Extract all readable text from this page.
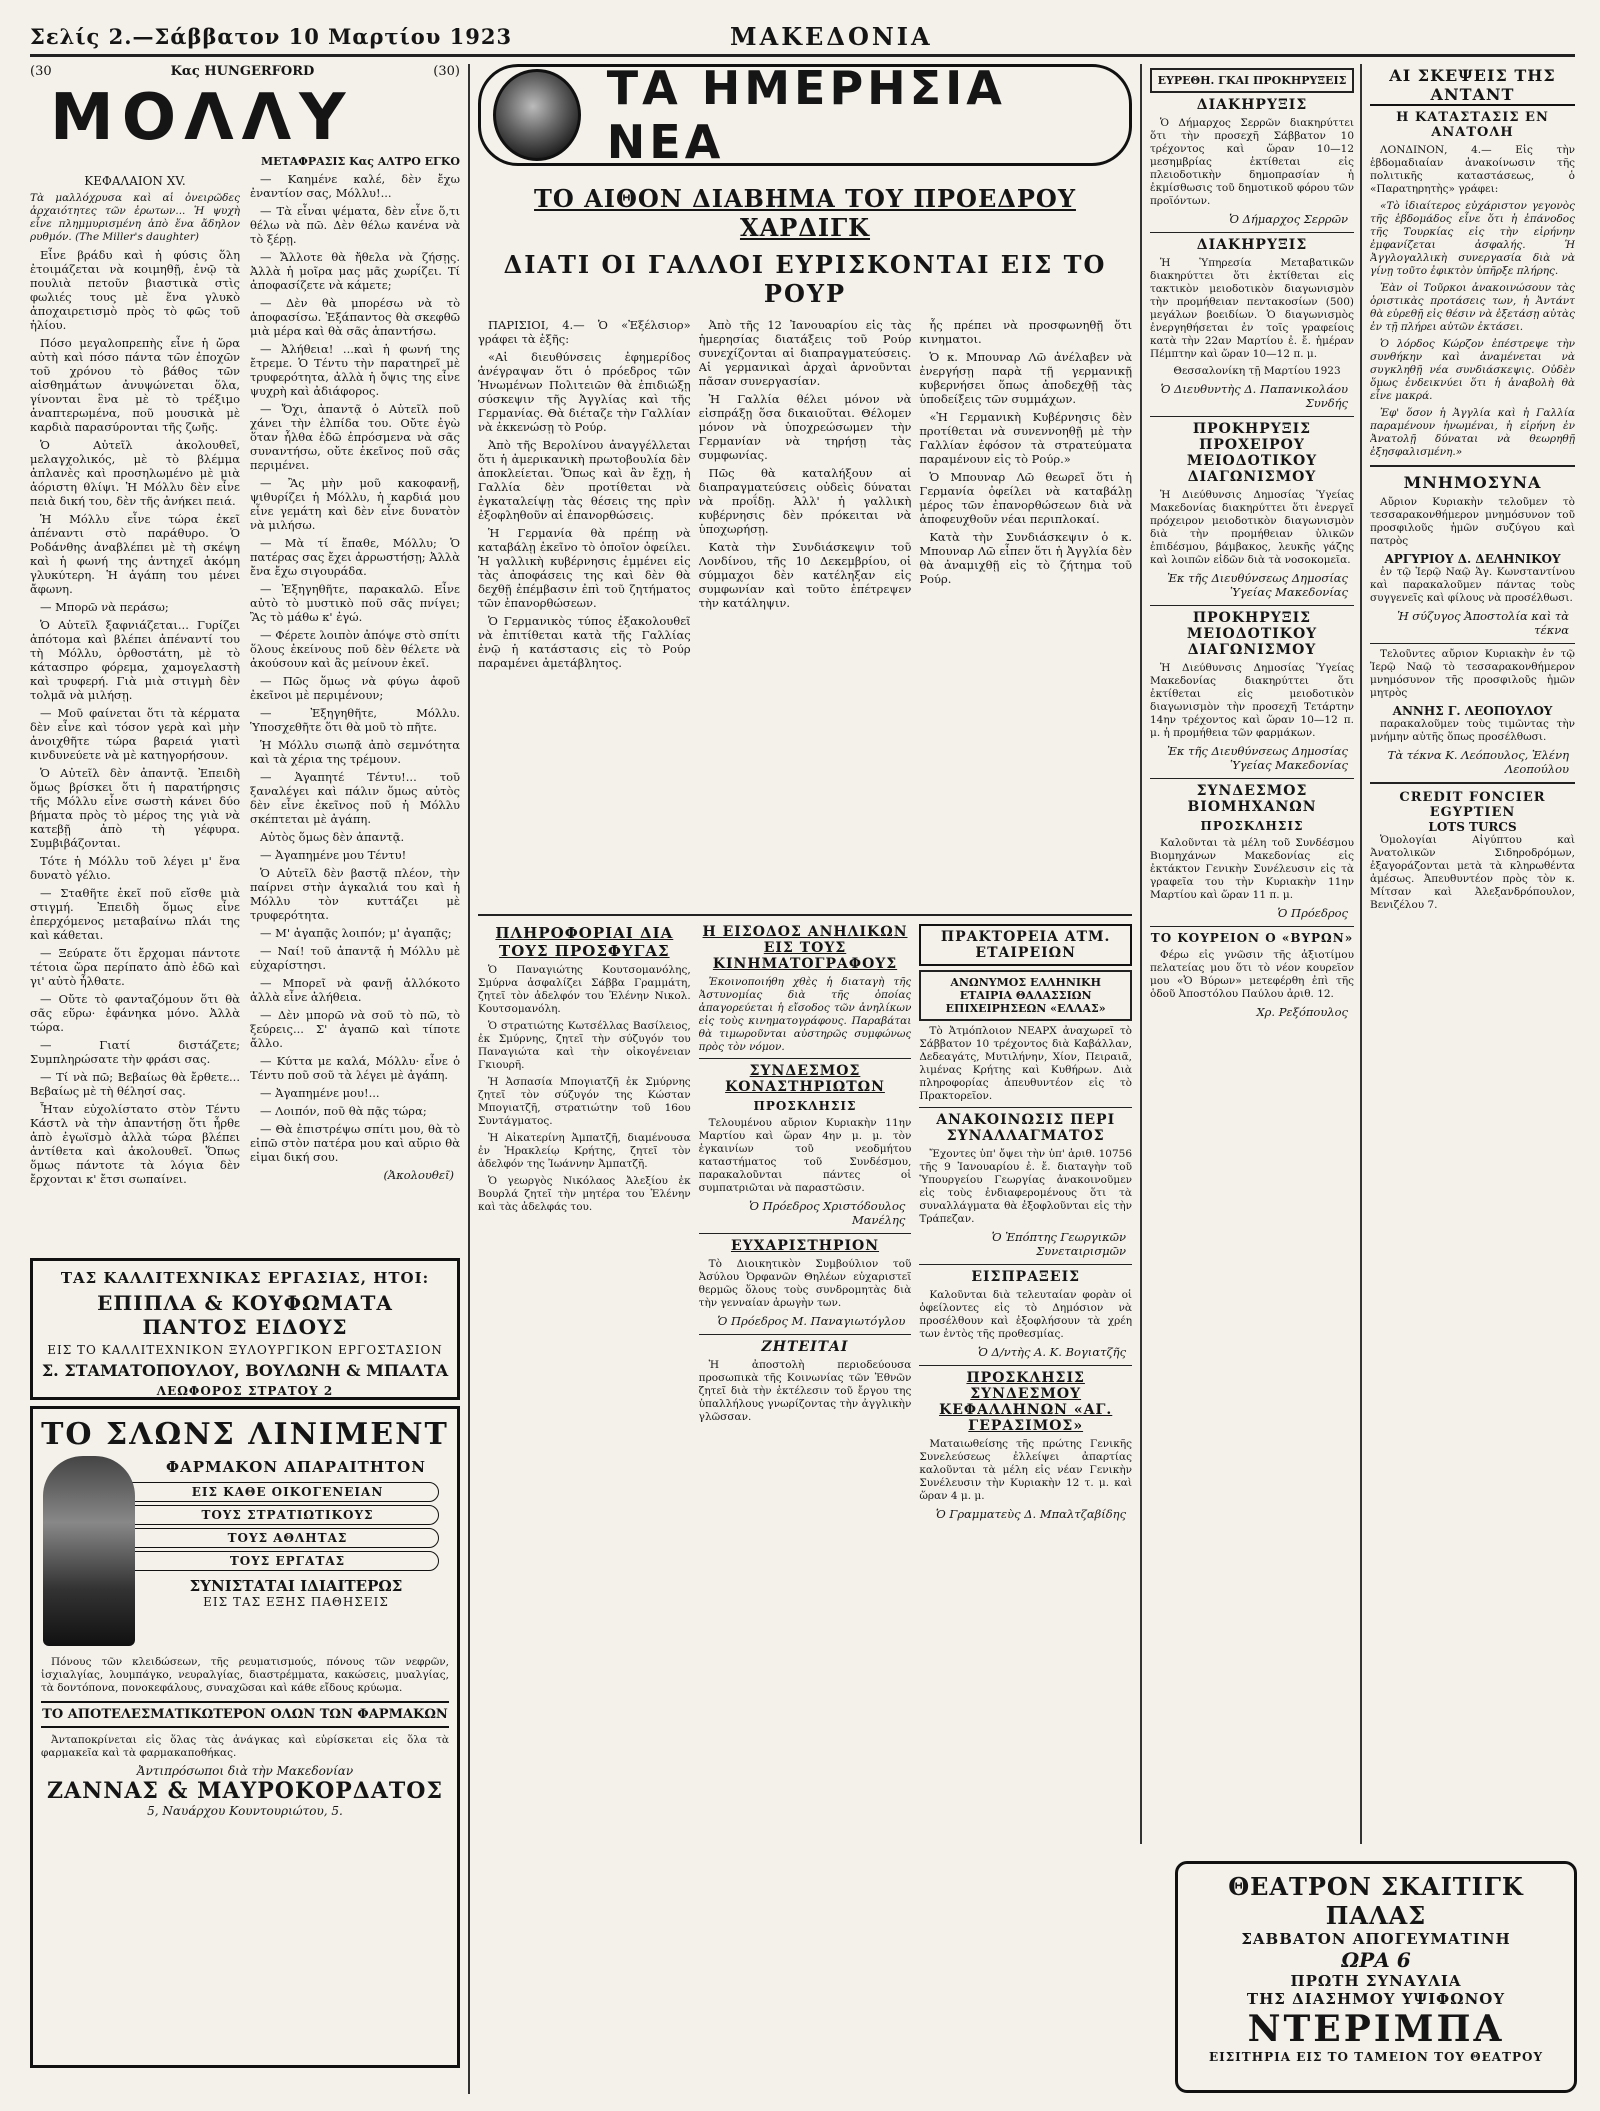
Σελίς 2.—Σάββατον 10 Μαρτίου 1923	ΜΑΚΕΔΟΝΙΑ
(30	Κας HUNGERFORD	(30)
ΜΟΛΛΥ
ΜΕΤΑΦΡΑΣΙΣ Κας ΑΛΤΡΟ ΕΓΚΟ
ΚΕΦΑΛΑΙΟΝ XV.
Τὰ μαλλόχρυσα καὶ αἱ ὀνειρῶδες ἀρχαιότητες τῶν ἐρωτων... Ἡ ψυχὴ εἶνε πλημμυρισμένη ἀπὸ ἕνα ἄδηλον ρυθμόν. (The Miller's daughter)

Εἶνε βράδυ καὶ ἡ φύσις ὅλη ἐτοιμάζεται νὰ κοιμηθῇ, ἐνῷ τὰ πουλιὰ πετοῦν βιαστικὰ στὶς φωλιές τους μὲ ἕνα γλυκὸ ἀποχαιρετισμὸ πρὸς τὸ φῶς τοῦ ἡλίου.

Πόσο μεγαλοπρεπὴς εἶνε ἡ ὥρα αὐτὴ καὶ πόσο πάντα τῶν ἐποχῶν τοῦ χρόνου τὸ βάθος τῶν αἰσθημάτων ἀνυψώνεται ὅλα, γίνονται ἓνα μὲ τὸ τρέξιμο ἀναπτερωμένα, ποῦ μουσικὰ μὲ καρδιὰ παρασύρονται τῆς ζωῆς.

Ὁ Αὐτεῖλ ἀκολουθεῖ, μελαγχολικός, μὲ τὸ βλέμμα ἀπλανὲς καὶ προσηλωμένο μὲ μιὰ ἀόριστη θλίψι. Ἡ Μόλλυ δὲν εἶνε πειὰ δική του, δὲν τῆς ἀνήκει πειά.

Ἡ Μόλλυ εἶνε τώρα ἐκεῖ ἀπέναντι στὸ παράθυρο. Ὁ Ροδάνθης ἀναβλέπει μὲ τὴ σκέψη καὶ ἡ φωνή της ἀντηχεῖ ἀκόμη γλυκύτερη. Ἡ ἀγάπη του μένει ἄφωνη.

— Μπορῶ νὰ περάσω;

Ὁ Αὐτεῖλ ξαφνιάζεται... Γυρίζει ἀπότομα καὶ βλέπει ἀπέναντί του τὴ Μόλλυ, ὁρθοστάτη, μὲ τὸ κάτασπρο φόρεμα, χαμογελαστὴ καὶ τρυφερή. Γιὰ μιὰ στιγμὴ δὲν τολμᾶ νὰ μιλήσῃ.

— Μοῦ φαίνεται ὅτι τὰ κέρματα δὲν εἶνε καὶ τόσον γερὰ καὶ μὴν ἀνοιχθῆτε τώρα βαρειά γιατὶ κινδυνεύετε νὰ μὲ κατηγορήσουν.

Ὁ Αὐτεῖλ δὲν ἀπαντᾷ. Ἐπειδὴ ὅμως βρίσκει ὅτι ἡ παρατήρησις τῆς Μόλλυ εἶνε σωστὴ κάνει δύο βήματα πρὸς τὸ μέρος της γιὰ νὰ κατεβῇ ἀπὸ τὴ γέφυρα. Συμβιβάζονται.

Τότε ἡ Μόλλυ τοῦ λέγει μ' ἕνα δυνατὸ γέλιο.

— Σταθῆτε ἐκεῖ ποῦ εἴσθε μιὰ στιγμή. Ἐπειδὴ ὅμως εἶνε ἐπερχόμενος μεταβαίνω πλάι της καὶ κάθεται.

— Ξεύρατε ὅτι ἔρχομαι πάντοτε τέτοια ὥρα περίπατο ἀπὸ ἐδῶ καὶ γι' αὐτὸ ἦλθατε.

— Οὔτε τὸ φανταζόμουν ὅτι θὰ σᾶς εὕρω· ἐφάνηκα μόνο. Ἀλλὰ τώρα.

— Γιατί διστάζετε; Συμπληρώσατε τὴν φράσι σας.

— Τί νὰ πῶ; Βεβαίως θὰ ἔρθετε... Βεβαίως μὲ τὴ θέλησί σας.

Ἦταν εὐχολίστατο στὸν Τέντυ Κάστλ νὰ τὴν ἀπαντήσῃ ὅτι ἦρθε ἀπὸ ἐγωϊσμὸ ἀλλὰ τώρα βλέπει ἀντίθετα καὶ ἀκολουθεῖ. Ὅπως ὅμως πάντοτε τὰ λόγια δὲν ἔρχονται κ' ἔτσι σωπαίνει.

— Καημένε καλέ, δὲν ἔχω ἐναντίον σας, Μόλλυ!...

— Τὰ εἶναι ψέματα, δὲν εἶνε ὅ,τι θέλω νὰ πῶ. Δὲν θέλω κανένα νὰ τὸ ξέρῃ.

— Ἄλλοτε θὰ ἤθελα νὰ ζήσῃς. Ἀλλὰ ἡ μοῖρα μας μᾶς χωρίζει. Τί ἀποφασίζετε νὰ κάμετε;

— Δὲν θὰ μπορέσω νὰ τὸ ἀποφασίσω. Ἐξάπαντος θὰ σκεφθῶ μιὰ μέρα καὶ θὰ σᾶς ἀπαντήσω.

— Ἀλήθεια! ...καὶ ἡ φωνή της ἔτρεμε. Ὁ Τέντυ τὴν παρατηρεῖ μὲ τρυφερότητα, ἀλλὰ ἡ ὄψις της εἶνε ψυχρὴ καὶ ἀδιάφορος.

— Ὄχι, ἀπαντᾷ ὁ Αὐτεῖλ ποῦ χάνει τὴν ἐλπίδα του. Οὔτε ἐγὼ ὅταν ἦλθα ἐδῶ ἐπρόσμενα νὰ σᾶς συναντήσω, οὔτε ἐκεῖνος ποῦ σᾶς περιμένει.

— Ἂς μὴν μοῦ κακοφανῇ, ψιθυρίζει ἡ Μόλλυ, ἡ καρδιά μου εἶνε γεμάτη καὶ δὲν εἶνε δυνατὸν νὰ μιλήσω.

— Μὰ τί ἔπαθε, Μόλλυ; Ὁ πατέρας σας ἔχει ἀρρωστήσῃ; Ἀλλὰ ἔνα ἔχω σιγουράδα.

— Ἐξηγηθῆτε, παρακαλῶ. Εἶνε αὐτὸ τὸ μυστικὸ ποῦ σᾶς πνίγει; Ἂς τὸ μάθω κ' ἐγώ.

— Φέρετε λοιπὸν ἀπόψε στὸ σπίτι ὅλους ἐκείνους ποῦ δὲν θέλετε νὰ ἀκούσουν καὶ ἂς μείνουν ἐκεῖ.

— Πῶς ὅμως νὰ φύγω ἀφοῦ ἐκεῖνοι μὲ περιμένουν;

— Ἐξηγηθῆτε, Μόλλυ. Ὑποσχεθῆτε ὅτι θὰ μοῦ τὸ πῆτε.

Ἡ Μόλλυ σιωπᾷ ἀπὸ σεμνότητα καὶ τὰ χέρια της τρέμουν.

— Ἀγαπητέ Τέντυ!... τοῦ ξαναλέγει καὶ πάλιν ὅμως αὐτὸς δὲν εἶνε ἐκεῖνος ποῦ ἡ Μόλλυ σκέπτεται μὲ ἀγάπη.

Αὐτὸς ὅμως δὲν ἀπαντᾷ.

— Ἀγαπημένε μου Τέντυ!

Ὁ Αὐτεῖλ δὲν βαστᾷ πλέον, τὴν παίρνει στὴν ἀγκαλιά του καὶ ἡ Μόλλυ τὸν κυττάζει μὲ τρυφερότητα.

— Μ' ἀγαπᾷς λοιπόν; μ' ἀγαπᾷς;

— Ναί! τοῦ ἀπαντᾷ ἡ Μόλλυ μὲ εὐχαρίστησι.

— Μπορεῖ νὰ φανῇ ἀλλόκοτο ἀλλὰ εἶνε ἀλήθεια.

— Δὲν μπορῶ νὰ σοῦ τὸ πῶ, τὸ ξεύρεις... Σ' ἀγαπῶ καὶ τίποτε ἄλλο.

— Κύττα με καλά, Μόλλυ· εἶνε ὁ Τέντυ ποῦ σοῦ τὰ λέγει μὲ ἀγάπη.

— Ἀγαπημένε μου!...

— Λοιπόν, ποῦ θὰ πᾷς τώρα;

— Θὰ ἐπιστρέψω σπίτι μου, θὰ τὸ εἰπῶ στὸν πατέρα μου καὶ αὔριο θὰ εἰμαι δική σου.

(Ἀκολουθεῖ)
ΤΑΣ ΚΑΛΛΙΤΕΧΝΙΚΑΣ ΕΡΓΑΣΙΑΣ, ΗΤΟΙ:
ΕΠΙΠΛΑ & ΚΟΥΦΩΜΑΤΑ ΠΑΝΤΟΣ ΕΙΔΟΥΣ
ΕΙΣ ΤΟ ΚΑΛΛΙΤΕΧΝΙΚΟΝ ΞΥΛΟΥΡΓΙΚΟΝ ΕΡΓΟΣΤΑΣΙΟΝ
Σ. ΣΤΑΜΑΤΟΠΟΥΛΟΥ, ΒΟΥΛΩΝΗ & ΜΠΑΛΤΑ
ΛΕΩΦΟΡΟΣ ΣΤΡΑΤΟΥ 2
ΤΟ ΣΛΩΝΣ ΛΙΝΙΜΕΝΤ
ΦΑΡΜΑΚΟΝ ΑΠΑΡΑΙΤΗΤΟΝ
ΕΙΣ ΚΑΘΕ ΟΙΚΟΓΕΝΕΙΑΝ
ΤΟΥΣ ΣΤΡΑΤΙΩΤΙΚΟΥΣ
ΤΟΥΣ ΑΘΛΗΤΑΣ
ΤΟΥΣ ΕΡΓΑΤΑΣ
ΣΥΝΙΣΤΑΤΑΙ ΙΔΙΑΙΤΕΡΩΣ
ΕΙΣ ΤΑΣ ΕΞΗΣ ΠΑΘΗΣΕΙΣ
Πόνους τῶν κλειδώσεων, τῆς ρευματισμούς, πόνους τῶν νεφρῶν, ἰσχιαλγίας, λουμπάγκο, νευραλγίας, διαστρέμματα, κακώσεις, μυαλγίας, τὰ δοντόπονα, πονοκεφάλους, συναχῶσαι καὶ κάθε εἴδους κρύωμα.
ΤΟ ΑΠΟΤΕΛΕΣΜΑΤΙΚΩΤΕΡΟΝ ΟΛΩΝ ΤΩΝ ΦΑΡΜΑΚΩΝ
Ἀνταποκρίνεται εἰς ὅλας τὰς ἀνάγκας καὶ εὑρίσκεται εἰς ὅλα τὰ φαρμακεῖα καὶ τὰ φαρμακαποθήκας.
Ἀντιπρόσωποι διὰ τὴν Μακεδονίαν
ΖΑΝΝΑΣ & ΜΑΥΡΟΚΟΡΔΑΤΟΣ
5, Ναυάρχου Κουντουριώτου, 5.
ΤΑ ΗΜΕΡΗΣΙΑ ΝΕΑ
ΤΟ ΑΙΘΟΝ ΔΙΑΒΗΜΑ ΤΟΥ ΠΡΟΕΔΡΟΥ ΧΑΡΔΙΓΚ
ΔΙΑΤΙ ΟΙ ΓΑΛΛΟΙ ΕΥΡΙΣΚΟΝΤΑΙ ΕΙΣ ΤΟ ΡΟΥΡ

ΠΑΡΙΣΙΟΙ, 4.— Ὁ «Ἐξέλσιορ» γράφει τὰ ἑξῆς:

«Αἱ διευθύνσεις ἐφημερίδος ἀνέγραψαν ὅτι ὁ πρόεδρος τῶν Ἡνωμένων Πολιτειῶν θὰ ἐπιδιώξῃ σύσκεψιν τῆς Ἀγγλίας καὶ τῆς Γερμανίας. Θὰ διέταζε τὴν Γαλλίαν νὰ ἐκκενώσῃ τὸ Ρούρ.

Ἀπὸ τῆς Βερολίνου ἀναγγέλλεται ὅτι ἡ ἀμερικανικὴ πρωτοβουλία δὲν ἀποκλείεται. Ὅπως καὶ ἂν ἔχῃ, ἡ Γαλλία δὲν προτίθεται νὰ ἐγκαταλείψῃ τὰς θέσεις της πρὶν ἐξοφληθοῦν αἱ ἐπανορθώσεις.

Ἡ Γερμανία θὰ πρέπῃ νὰ καταβάλῃ ἐκεῖνο τὸ ὁποῖον ὀφείλει. Ἡ γαλλικὴ κυβέρνησις ἐμμένει εἰς τὰς ἀποφάσεις της καὶ δὲν θὰ δεχθῇ ἐπέμβασιν ἐπὶ τοῦ ζητήματος τῶν ἐπανορθώσεων.

Ὁ Γερμανικὸς τύπος ἐξακολουθεῖ νὰ ἐπιτίθεται κατὰ τῆς Γαλλίας ἐνῷ ἡ κατάστασις εἰς τὸ Ρούρ παραμένει ἀμετάβλητος.

Ἀπὸ τῆς 12 Ἰανουαρίου εἰς τὰς ἡμερησίας διατάξεις τοῦ Ρούρ συνεχίζονται αἱ διαπραγματεύσεις. Αἱ γερμανικαὶ ἀρχαὶ ἀρνοῦνται πᾶσαν συνεργασίαν.

Ἡ Γαλλία θέλει μόνον νὰ εἰσπράξῃ ὅσα δικαιοῦται. Θέλομεν μόνον νὰ ὑποχρεώσωμεν τὴν Γερμανίαν νὰ τηρήσῃ τὰς συμφωνίας.

Πῶς θὰ καταλήξουν αἱ διαπραγματεύσεις οὐδεὶς δύναται νὰ προΐδῃ. Ἀλλ' ἡ γαλλικὴ κυβέρνησις δὲν πρόκειται νὰ ὑποχωρήσῃ.

Κατὰ τὴν Συνδιάσκεψιν τοῦ Λονδίνου, τῆς 10 Δεκεμβρίου, οἱ σύμμαχοι δὲν κατέληξαν εἰς συμφωνίαν καὶ τοῦτο ἐπέτρεψεν τὴν κατάληψιν.

ἧς πρέπει νὰ προσφωνηθῇ ὅτι κινηματοι.

Ὁ κ. Μπουναρ Λῶ ἀνέλαβεν νὰ ἐνεργήσῃ παρὰ τῇ γερμανικῇ κυβερνήσει ὅπως ἀποδεχθῇ τὰς ὑποδείξεις τῶν συμμάχων.

«Ἡ Γερμανικὴ Κυβέρνησις δὲν προτίθεται νὰ συνεννοηθῇ μὲ τὴν Γαλλίαν ἐφόσον τὰ στρατεύματα παραμένουν εἰς τὸ Ρούρ.»

Ὁ Μπουναρ Λῶ θεωρεῖ ὅτι ἡ Γερμανία ὀφείλει νὰ καταβάλῃ μέρος τῶν ἐπανορθώσεων διὰ νὰ ἀποφευχθοῦν νέαι περιπλοκαί.

Κατὰ τὴν Συνδιάσκεψιν ὁ κ. Μπουναρ Λῶ εἶπεν ὅτι ἡ Ἀγγλία δὲν θὰ ἀναμιχθῇ εἰς τὸ ζήτημα τοῦ Ρούρ.

ΠΛΗΡΟΦΟΡΙΑΙ ΔΙΑ ΤΟΥΣ ΠΡΟΣΦΥΓΑΣ

Ὁ Παναγιώτης Κουτσομανόλης, Σμύρνα ἀσφαλίζει Σάββα Γραμμάτη, ζητεῖ τὸν ἀδελφόν του Ἐλένην Νικολ. Κουτσομανόλη.

Ὁ στρατιώτης Κωτσέλλας Βασίλειος, ἐκ Σμύρνης, ζητεῖ τὴν σύζυγόν του Παναγιώτα καὶ τὴν οἰκογένειαν Γκιουρῆ.

Ἡ Ἀσπασία Μπογιατζῆ ἐκ Σμύρνης ζητεῖ τὸν σύζυγόν της Κώσταν Μπογιατζῆ, στρατιώτην τοῦ 16ου Συντάγματος.

Ἡ Αἰκατερίνη Ἀμπατζῆ, διαμένουσα ἐν Ἡρακλείῳ Κρήτης, ζητεῖ τὸν ἀδελφόν της Ἰωάννην Ἀμπατζῆ.

Ὁ γεωργὸς Νικόλαος Ἀλεξίου ἐκ Βουρλά ζητεῖ τὴν μητέρα του Ἐλένην καὶ τὰς ἀδελφάς του.

Η ΕΙΣΟΔΟΣ ΑΝΗΛΙΚΩΝ ΕΙΣ ΤΟΥΣ ΚΙΝΗΜΑΤΟΓΡΑΦΟΥΣ

Ἐκοινοποιήθη χθὲς ἡ διαταγὴ τῆς Ἀστυνομίας διὰ τῆς ὁποίας ἀπαγορεύεται ἡ εἴσοδος τῶν ἀνηλίκων εἰς τοὺς κινηματογράφους. Παραβάται θὰ τιμωροῦνται αὐστηρῶς συμφώνως πρὸς τὸν νόμον.

ΣΥΝΔΕΣΜΟΣ ΚΟΝΑΣΤΗΡΙΩΤΩΝ
ΠΡΟΣΚΛΗΣΙΣ

Τελουμένου αὔριον Κυριακὴν 11ην Μαρτίου καὶ ὥραν 4ην μ. μ. τὸν ἐγκαινίων τοῦ νεοδμήτου καταστήματος τοῦ Συνδέσμου, παρακαλοῦνται πάντες οἱ συμπατριῶται νὰ παραστῶσιν.

Ὁ Πρόεδρος Χριστόδουλος Μανέλης
ΕΥΧΑΡΙΣΤΗΡΙΟΝ

Τὸ Διοικητικὸν Συμβούλιον τοῦ Ἀσύλου Ὀρφανῶν Θηλέων εὐχαριστεῖ θερμῶς ὅλους τοὺς συνδρομητὰς διὰ τὴν γενναίαν ἀρωγὴν των.

Ὁ Πρόεδρος Μ. Παναγιωτόγλου
ΖΗΤΕΙΤΑΙ

Ἡ ἀποστολὴ περιοδεύουσα προσωπικὰ τῆς Κοινωνίας τῶν Ἐθνῶν ζητεῖ διὰ τὴν ἐκτέλεσιν τοῦ ἔργου της ὑπαλλήλους γνωρίζοντας τὴν ἀγγλικὴν γλῶσσαν.

ΠΡΑΚΤΟΡΕΙΑ ΑΤΜ. ΕΤΑΙΡΕΙΩΝ
ΑΝΩΝΥΜΟΣ ΕΛΛΗΝΙΚΗ ΕΤΑΙΡΙΑ ΘΑΛΑΣΣΙΩΝ ΕΠΙΧΕΙΡΗΣΕΩΝ «ΕΛΛΑΣ»

Τὸ Ἀτμόπλοιον ΝΕΑΡΧ ἀναχωρεῖ τὸ Σάββατον 10 τρέχοντος διὰ Καβάλλαν, Δεδεαγάτς, Μυτιλήνην, Χίον, Πειραιᾶ, λιμένας Κρήτης καὶ Κυθήρων. Διὰ πληροφορίας ἀπευθυντέον εἰς τὸ Πρακτορεῖον.

ΑΝΑΚΟΙΝΩΣΙΣ ΠΕΡΙ ΣΥΝΑΛΛΑΓΜΑΤΟΣ

Ἔχοντες ὑπ' ὄψει τὴν ὑπ' ἀριθ. 10756 τῆς 9 Ἰανουαρίου ἐ. ἔ. διαταγὴν τοῦ Ὑπουργείου Γεωργίας ἀνακοινοῦμεν εἰς τοὺς ἐνδιαφερομένους ὅτι τὰ συναλλάγματα θὰ ἐξοφλοῦνται εἰς τὴν Τράπεζαν.

Ὁ Ἐπόπτης Γεωργικῶν Συνεταιρισμῶν
ΕΙΣΠΡΑΞΕΙΣ

Καλοῦνται διὰ τελευταίαν φορὰν οἱ ὀφείλοντες εἰς τὸ Δημόσιον νὰ προσέλθουν καὶ ἐξοφλήσουν τὰ χρέη των ἐντὸς τῆς προθεσμίας.

Ὁ Δ/ντὴς Α. Κ. Βογιατζῆς
ΠΡΟΣΚΛΗΣΙΣ ΣΥΝΔΕΣΜΟΥ ΚΕΦΑΛΛΗΝΩΝ «ΑΓ. ΓΕΡΑΣΙΜΟΣ»

Ματαιωθείσης τῆς πρώτης Γενικῆς Συνελεύσεως ἐλλείψει ἀπαρτίας καλοῦνται τὰ μέλη εἰς νέαν Γενικὴν Συνέλευσιν τὴν Κυριακὴν 12 τ. μ. καὶ ὥραν 4 μ. μ.

Ὁ Γραμματεὺς Δ. Μπαλτζαβίδης
ΕΥΡΕΘΗ. ΓΚΑΙ ΠΡΟΚΗΡΥΞΕΙΣ
ΔΙΑΚΗΡΥΞΙΣ

Ὁ Δήμαρχος Σερρῶν διακηρύττει ὅτι τὴν προσεχῆ Σάββατον 10 τρέχοντος καὶ ὥραν 10—12 μεσημβρίας ἐκτίθεται εἰς πλειοδοτικὴν δημοπρασίαν ἡ ἐκμίσθωσις τοῦ δημοτικοῦ φόρου τῶν προϊόντων.

Ὁ Δήμαρχος Σερρῶν
ΔΙΑΚΗΡΥΞΙΣ

Ἡ Ὑπηρεσία Μεταβατικῶν διακηρύττει ὅτι ἐκτίθεται εἰς τακτικὸν μειοδοτικὸν διαγωνισμὸν τὴν προμήθειαν πεντακοσίων (500) μεγάλων βοειδίων. Ὁ διαγωνισμὸς ἐνεργηθήσεται ἐν τοῖς γραφείοις κατὰ τὴν 22αν Μαρτίου ἐ. ἔ. ἡμέραν Πέμπτην καὶ ὥραν 10—12 π. μ.

Θεσσαλονίκη τῇ Μαρτίου 1923
Ὁ Διευθυντὴς Δ. Παπανικολάου Συνδής
ΠΡΟΚΗΡΥΞΙΣ ΠΡΟΧΕΙΡΟΥ ΜΕΙΟΔΟΤΙΚΟΥ ΔΙΑΓΩΝΙΣΜΟΥ

Ἡ Διεύθυνσις Δημοσίας Ὑγείας Μακεδονίας διακηρύττει ὅτι ἐνεργεῖ πρόχειρον μειοδοτικὸν διαγωνισμὸν διὰ τὴν προμήθειαν ὑλικῶν ἐπιδέσμου, βάμβακος, λευκῆς γάζης καὶ λοιπῶν εἰδῶν διὰ τὰ νοσοκομεῖα.

Ἐκ τῆς Διευθύνσεως Δημοσίας Ὑγείας Μακεδονίας
ΠΡΟΚΗΡΥΞΙΣ ΜΕΙΟΔΟΤΙΚΟΥ ΔΙΑΓΩΝΙΣΜΟΥ

Ἡ Διεύθυνσις Δημοσίας Ὑγείας Μακεδονίας διακηρύττει ὅτι ἐκτίθεται εἰς μειοδοτικὸν διαγωνισμὸν τὴν προσεχῆ Τετάρτην 14ην τρέχοντος καὶ ὥραν 10—12 π. μ. ἡ προμήθεια τῶν φαρμάκων.

Ἐκ τῆς Διευθύνσεως Δημοσίας Ὑγείας Μακεδονίας
ΣΥΝΔΕΣΜΟΣ ΒΙΟΜΗΧΑΝΩΝ
ΠΡΟΣΚΛΗΣΙΣ

Καλοῦνται τὰ μέλη τοῦ Συνδέσμου Βιομηχάνων Μακεδονίας εἰς ἐκτάκτον Γενικὴν Συνέλευσιν εἰς τὰ γραφεῖα του τὴν Κυριακὴν 11ην Μαρτίου καὶ ὥραν 11 π. μ.

Ὁ Πρόεδρος
ΤΟ ΚΟΥΡΕΙΟΝ Ο «ΒΥΡΩΝ»

Φέρω εἰς γνῶσιν τῆς ἀξιοτίμου πελατείας μου ὅτι τὸ νέον κουρεῖον μου «Ὁ Βύρων» μετεφέρθη ἐπὶ τῆς ὁδοῦ Ἀποστόλου Παύλου ἀριθ. 12.

Χρ. Ρεξόπουλος
ΑΙ ΣΚΕΨΕΙΣ ΤΗΣ ΑΝΤΑΝΤ
Η ΚΑΤΑΣΤΑΣΙΣ ΕΝ ΑΝΑΤΟΛΗ

ΛΟΝΔΙΝΟΝ, 4.— Εἰς τὴν ἑβδομαδιαίαν ἀνακοίνωσιν τῆς πολιτικῆς καταστάσεως, ὁ «Παρατηρητὴς» γράφει:

«Τὸ ἰδιαίτερος εὐχάριστον γεγονὸς τῆς ἑβδομάδος εἶνε ὅτι ἡ ἐπάνοδος τῆς Τουρκίας εἰς τὴν εἰρήνην ἐμφανίζεται ἀσφαλής. Ἡ Ἀγγλογαλλικὴ συνεργασία διὰ νὰ γίνῃ τοῦτο ἐφικτὸν ὑπῆρξε πλήρης.

Ἐὰν οἱ Τοῦρκοι ἀνακοινώσουν τὰς ὁριστικὰς προτάσεις των, ἡ Ἀντάντ θὰ εὑρεθῇ εἰς θέσιν νὰ ἐξετάσῃ αὐτὰς ἐν τῇ πλήρει αὐτῶν ἐκτάσει.

Ὁ λόρδος Κώρζον ἐπέστρεψε τὴν συνθήκην καὶ ἀναμένεται νὰ συγκληθῇ νέα συνδιάσκεψις. Οὐδὲν ὅμως ἐνδεικνύει ὅτι ἡ ἀναβολὴ θὰ εἶνε μακρά.

Ἐφ' ὅσον ἡ Ἀγγλία καὶ ἡ Γαλλία παραμένουν ἡνωμέναι, ἡ εἰρήνη ἐν Ἀνατολῇ δύναται νὰ θεωρηθῇ ἐξησφαλισμένη.»

ΜΝΗΜΟΣΥΝΑ

Αὔριον Κυριακὴν τελοῦμεν τὸ τεσσαρακονθήμερον μνημόσυνον τοῦ προσφιλοῦς ἡμῶν συζύγου καὶ πατρὸς

ΑΡΓΥΡΙΟΥ Δ. ΔΕΛΗΝΙΚΟΥ

ἐν τῷ Ἱερῷ Ναῷ Ἁγ. Κωνσταντίνου καὶ παρακαλοῦμεν πάντας τοὺς συγγενεῖς καὶ φίλους νὰ προσέλθωσι.

Ἡ σύζυγος Ἀποστολία καὶ τὰ τέκνα

Τελοῦντες αὔριον Κυριακὴν ἐν τῷ Ἱερῷ Ναῷ τὸ τεσσαρακονθήμερον μνημόσυνον τῆς προσφιλοῦς ἡμῶν μητρὸς

ΑΝΝΗΣ Γ. ΛΕΟΠΟΥΛΟΥ

παρακαλοῦμεν τοὺς τιμῶντας τὴν μνήμην αὐτῆς ὅπως προσέλθωσι.

Τὰ τέκνα Κ. Λεόπουλος, Ἑλένη Λεοπούλου
CREDIT FONCIER EGYPTIEN
LOTS TURCS

Ὁμολογίαι Αἰγύπτου καὶ Ἀνατολικῶν Σιδηροδρόμων, ἐξαγοράζονται μετὰ τὰ κληρωθέντα ἀμέσως. Ἀπευθυντέον πρὸς τὸν κ. Μίτσαν καὶ Ἀλεξανδρόπουλον, Βενιζέλου 7.

ΘΕΑΤΡΟΝ ΣΚΑΙΤΙΓΚ ΠΑΛΑΣ
ΣΑΒΒΑΤΟΝ ΑΠΟΓΕΥΜΑΤΙΝΗ
ΩΡΑ 6
ΠΡΩΤΗ ΣΥΝΑΥΛΙΑ
ΤΗΣ ΔΙΑΣΗΜΟΥ ΥΨΙΦΩΝΟΥ
ΝΤΕΡΙΜΠΑ
ΕΙΣΙΤΗΡΙΑ ΕΙΣ ΤΟ ΤΑΜΕΙΟΝ ΤΟΥ ΘΕΑΤΡΟΥ
